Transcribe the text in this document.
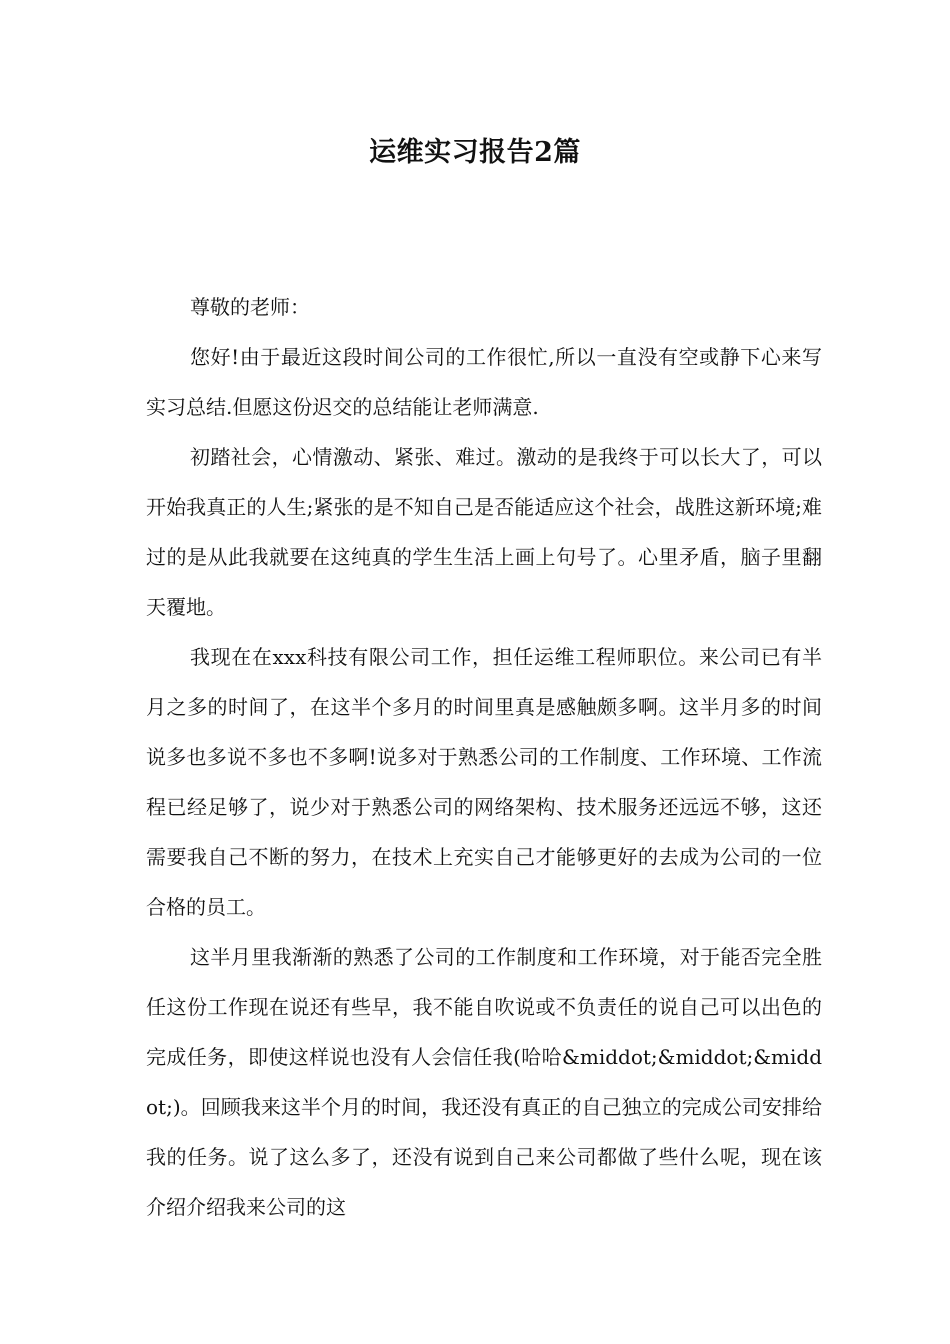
运维实习报告2篇

尊敬的老师：

您好!由于最近这段时间公司的工作很忙,所以一直没有空或静下心来写实习总结.但愿这份迟交的总结能让老师满意.

初踏社会，心情激动、紧张、难过。激动的是我终于可以长大了，可以开始我真正的人生;紧张的是不知自己是否能适应这个社会，战胜这新环境;难过的是从此我就要在这纯真的学生生活上画上句号了。心里矛盾，脑子里翻天覆地。

我现在在xxx科技有限公司工作，担任运维工程师职位。来公司已有半月之多的时间了，在这半个多月的时间里真是感触颇多啊。这半月多的时间说多也多说不多也不多啊!说多对于熟悉公司的工作制度、工作环境、工作流程已经足够了，说少对于熟悉公司的网络架构、技术服务还远远不够，这还需要我自己不断的努力，在技术上充实自己才能够更好的去成为公司的一位合格的员工。

这半月里我渐渐的熟悉了公司的工作制度和工作环境，对于能否完全胜任这份工作现在说还有些早，我不能自吹说或不负责任的说自己可以出色的完成任务，即使这样说也没有人会信任我(哈哈&middot;&middot;&middot;)。回顾我来这半个月的时间，我还没有真正的自己独立的完成公司安排给我的任务。说了这么多了，还没有说到自己来公司都做了些什么呢，现在该介绍介绍我来公司的这
